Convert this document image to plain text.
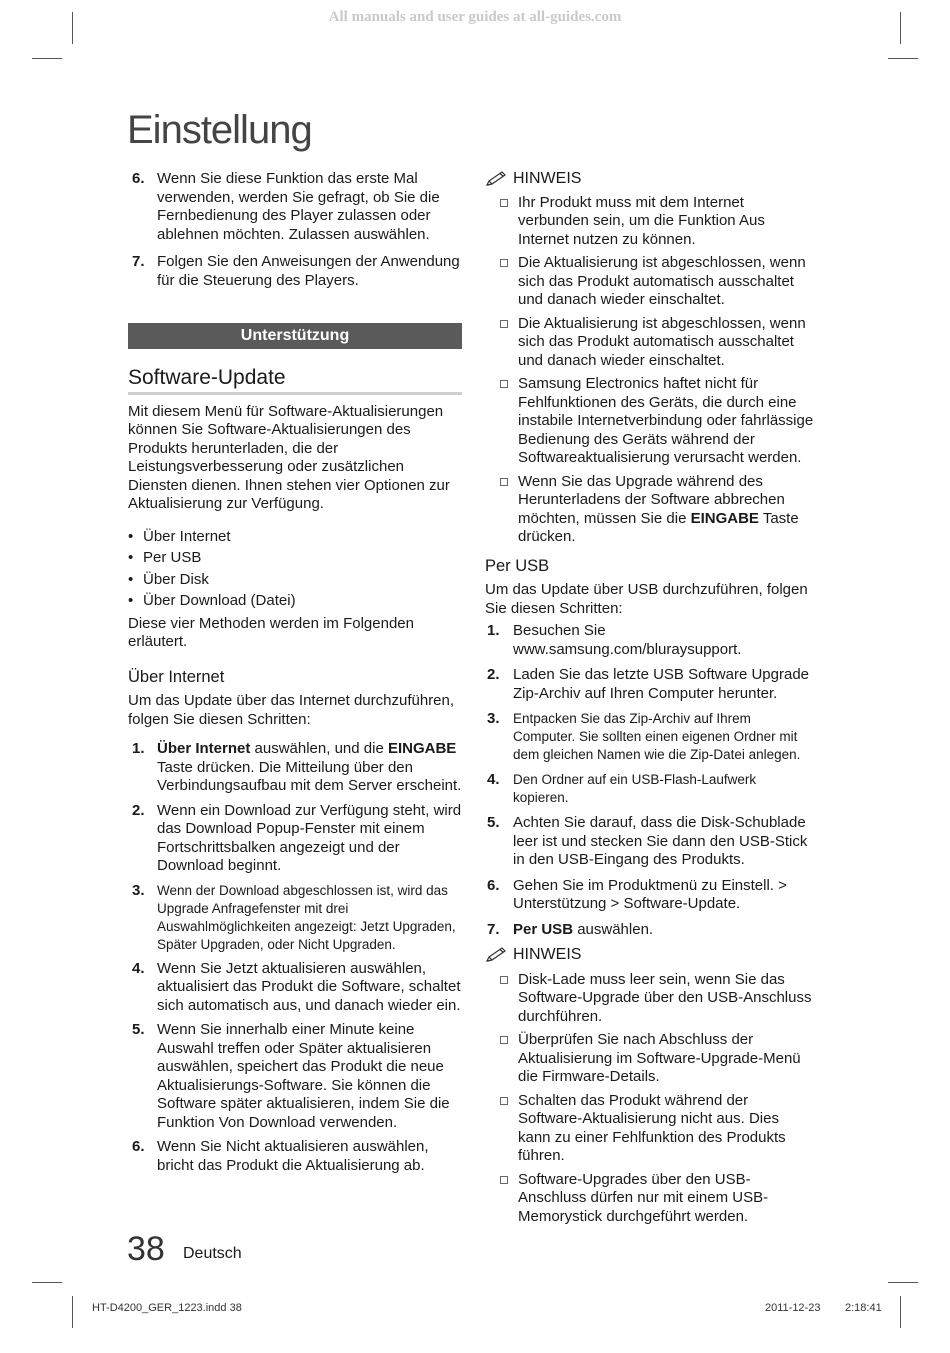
All manuals and user guides at all-guides.com
Einstellung
6. Wenn Sie diese Funktion das erste Mal verwenden, werden Sie gefragt, ob Sie die Fernbedienung des Player zulassen oder ablehnen möchten. Zulassen auswählen.
7. Folgen Sie den Anweisungen der Anwendung für die Steuerung des Players.
Unterstützung
Software-Update
Mit diesem Menü für Software-Aktualisierungen können Sie Software-Aktualisierungen des Produkts herunterladen, die der Leistungsverbesserung oder zusätzlichen Diensten dienen. Ihnen stehen vier Optionen zur Aktualisierung zur Verfügung.
• Über Internet
• Per USB
• Über Disk
• Über Download (Datei)
Diese vier Methoden werden im Folgenden erläutert.
Über Internet
Um das Update über das Internet durchzuführen, folgen Sie diesen Schritten:
1. Über Internet auswählen, und die EINGABE Taste drücken. Die Mitteilung über den Verbindungsaufbau mit dem Server erscheint.
2. Wenn ein Download zur Verfügung steht, wird das Download Popup-Fenster mit einem Fortschrittsbalken angezeigt und der Download beginnt.
3. Wenn der Download abgeschlossen ist, wird das Upgrade Anfragefenster mit drei Auswahlmöglichkeiten angezeigt: Jetzt Upgraden, Später Upgraden, oder Nicht Upgraden.
4. Wenn Sie Jetzt aktualisieren auswählen, aktualisiert das Produkt die Software, schaltet sich automatisch aus, und danach wieder ein.
5. Wenn Sie innerhalb einer Minute keine Auswahl treffen oder Später aktualisieren auswählen, speichert das Produkt die neue Aktualisierungs-Software. Sie können die Software später aktualisieren, indem Sie die Funktion Von Download verwenden.
6. Wenn Sie Nicht aktualisieren auswählen, bricht das Produkt die Aktualisierung ab.
HINWEIS
Ihr Produkt muss mit dem Internet verbunden sein, um die Funktion Aus Internet nutzen zu können.
Die Aktualisierung ist abgeschlossen, wenn sich das Produkt automatisch ausschaltet und danach wieder einschaltet.
Die Aktualisierung ist abgeschlossen, wenn sich das Produkt automatisch ausschaltet und danach wieder einschaltet.
Samsung Electronics haftet nicht für Fehlfunktionen des Geräts, die durch eine instabile Internetverbindung oder fahrlässige Bedienung des Geräts während der Softwareaktualisierung verursacht werden.
Wenn Sie das Upgrade während des Herunterladens der Software abbrechen möchten, müssen Sie die EINGABE Taste drücken.
Per USB
Um das Update über USB durchzuführen, folgen Sie diesen Schritten:
1. Besuchen Sie www.samsung.com/bluraysupport.
2. Laden Sie das letzte USB Software Upgrade Zip-Archiv auf Ihren Computer herunter.
3. Entpacken Sie das Zip-Archiv auf Ihrem Computer. Sie sollten einen eigenen Ordner mit dem gleichen Namen wie die Zip-Datei anlegen.
4. Den Ordner auf ein USB-Flash-Laufwerk kopieren.
5. Achten Sie darauf, dass die Disk-Schublade leer ist und stecken Sie dann den USB-Stick in den USB-Eingang des Produkts.
6. Gehen Sie im Produktmenü zu Einstell. > Unterstützung > Software-Update.
7. Per USB auswählen.
HINWEIS
Disk-Lade muss leer sein, wenn Sie das Software-Upgrade über den USB-Anschluss durchführen.
Überprüfen Sie nach Abschluss der Aktualisierung im Software-Upgrade-Menü die Firmware-Details.
Schalten das Produkt während der Software-Aktualisierung nicht aus. Dies kann zu einer Fehlfunktion des Produkts führen.
Software-Upgrades über den USB-Anschluss dürfen nur mit einem USB-Memorystick durchgeführt werden.
38 Deutsch
HT-D4200_GER_1223.indd 38	2011-12-23 2:18:41
